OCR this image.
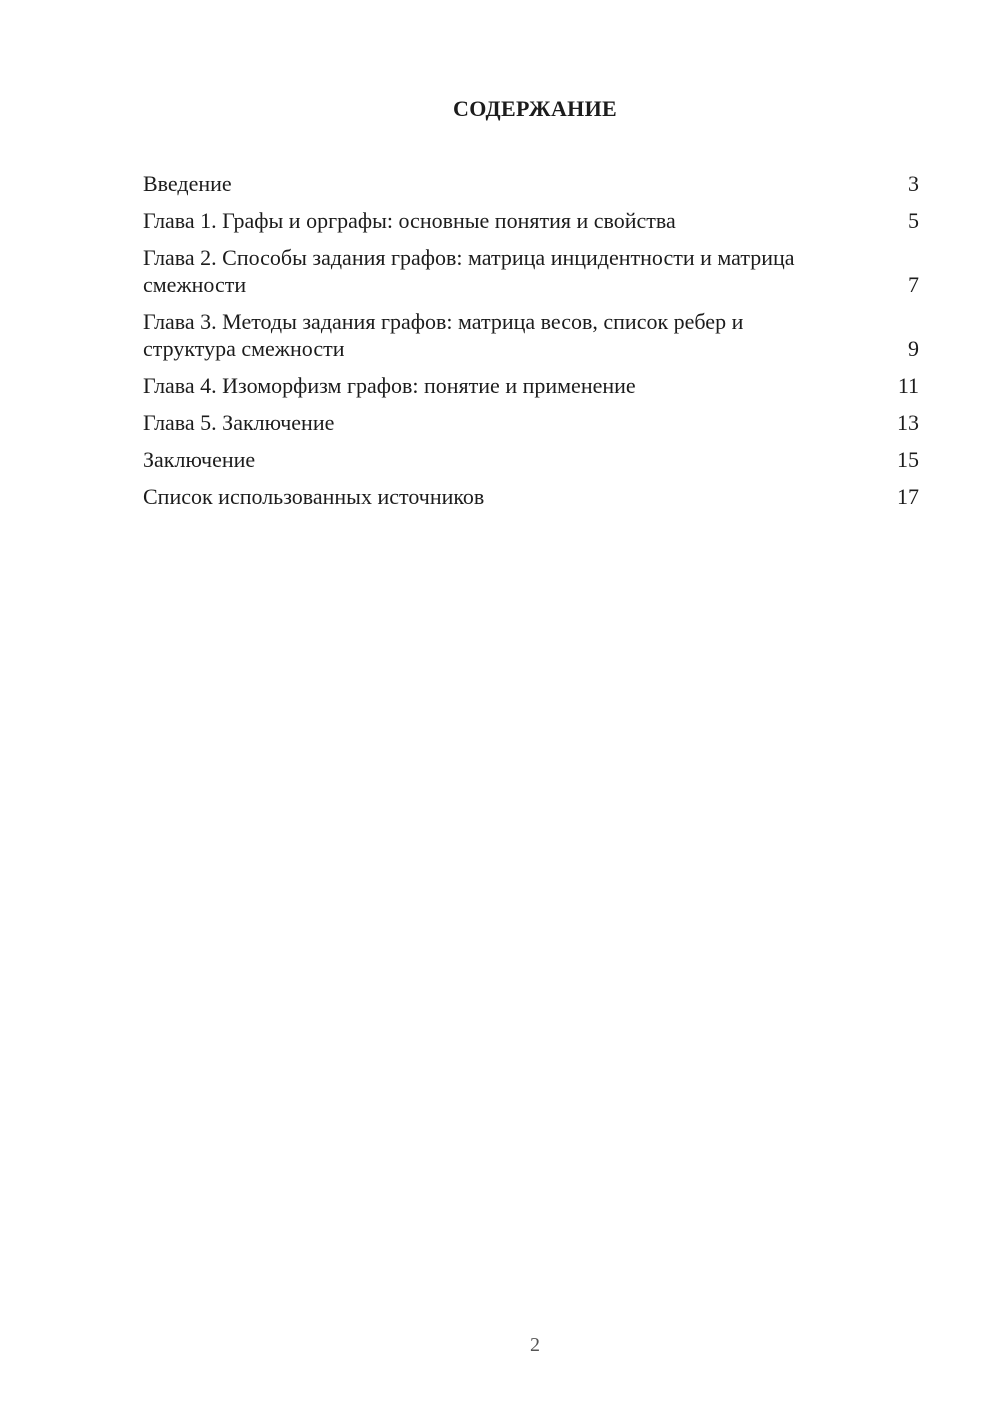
СОДЕРЖАНИЕ
Введение	3
Глава 1. Графы и орграфы: основные понятия и свойства	5
Глава 2. Способы задания графов: матрица инцидентности и матрица смежности	7
Глава 3. Методы задания графов: матрица весов, список ребер и структура смежности	9
Глава 4. Изоморфизм графов: понятие и применение	11
Глава 5. Заключение	13
Заключение	15
Список использованных источников	17
2
